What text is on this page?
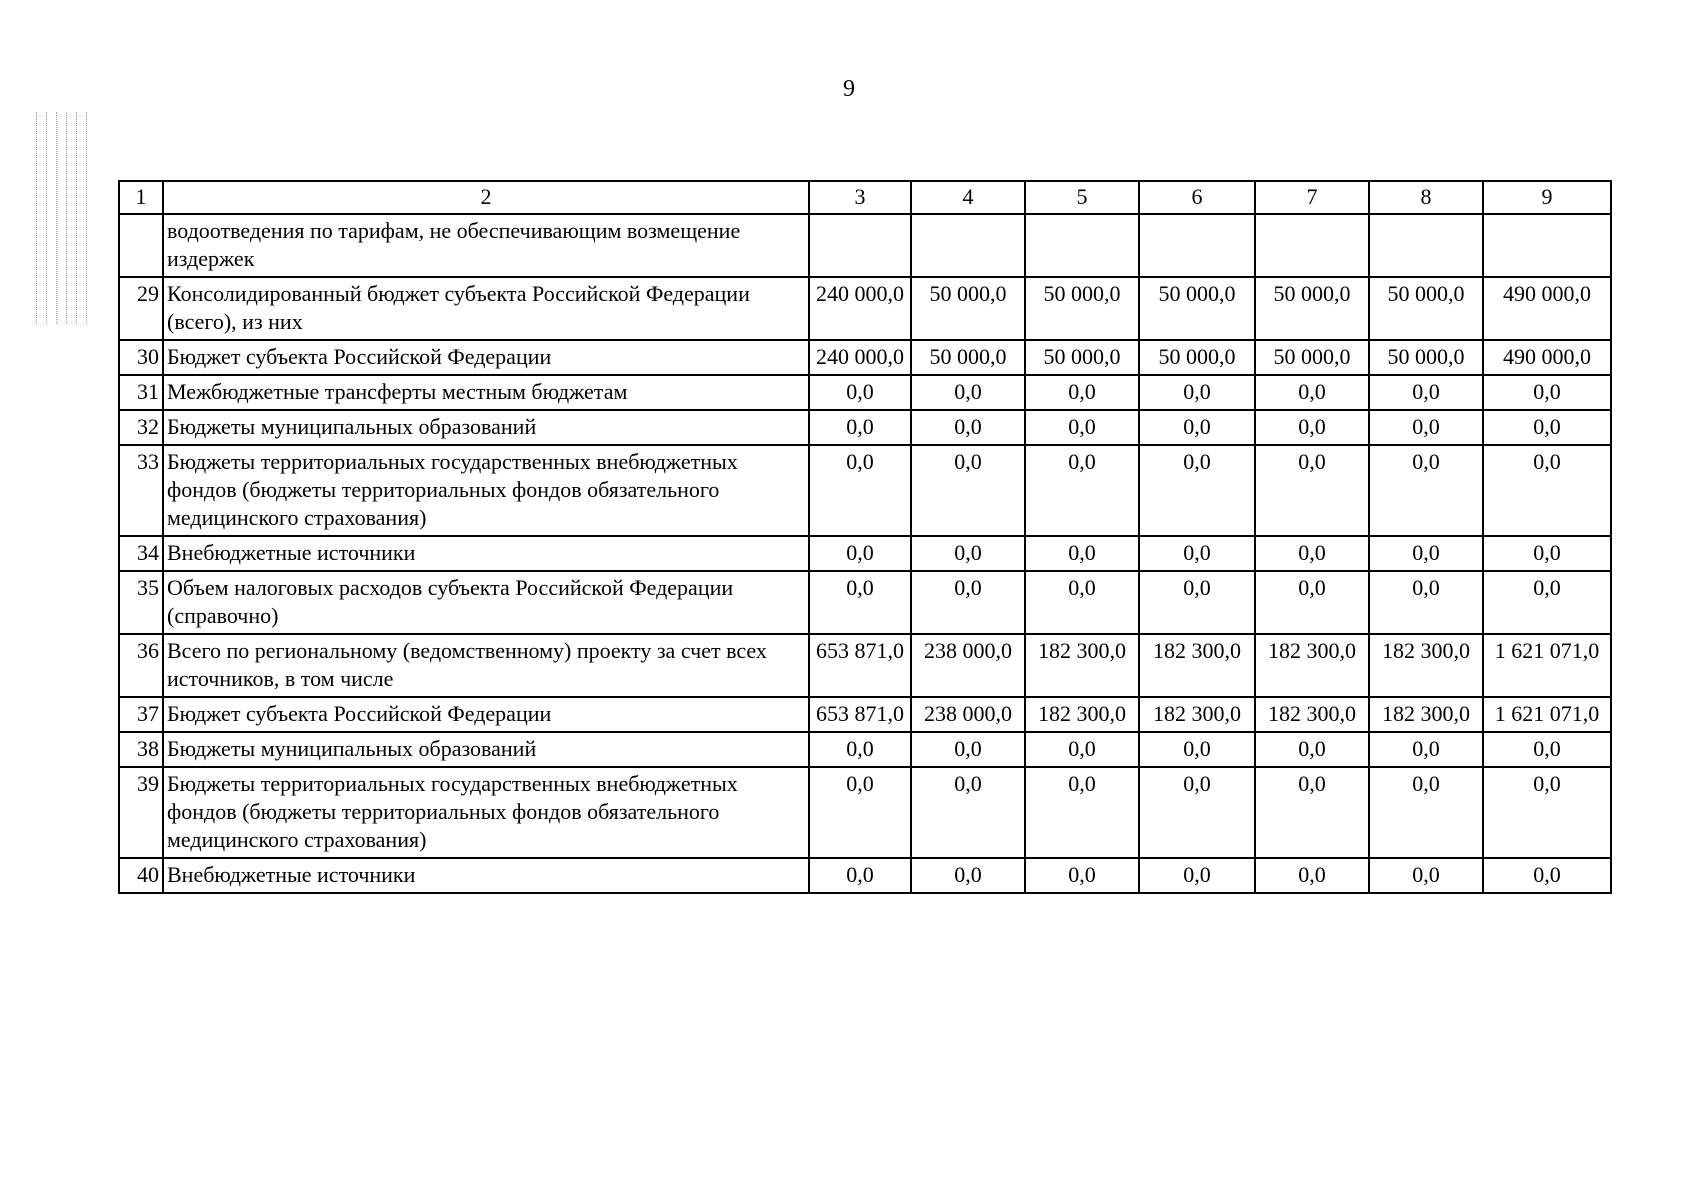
9
1	2	3	4	5	6	7	8	9
	водоотведения по тарифам, не обеспечивающим возмещение издержек							
29	Консолидированный бюджет субъекта Российской Федерации (всего), из них	240 000,0	50 000,0	50 000,0	50 000,0	50 000,0	50 000,0	490 000,0
30	Бюджет субъекта Российской Федерации	240 000,0	50 000,0	50 000,0	50 000,0	50 000,0	50 000,0	490 000,0
31	Межбюджетные трансферты местным бюджетам	0,0	0,0	0,0	0,0	0,0	0,0	0,0
32	Бюджеты муниципальных образований	0,0	0,0	0,0	0,0	0,0	0,0	0,0
33	Бюджеты территориальных государственных внебюджетных фондов (бюджеты территориальных фондов обязательного медицинского страхования)	0,0	0,0	0,0	0,0	0,0	0,0	0,0
34	Внебюджетные источники	0,0	0,0	0,0	0,0	0,0	0,0	0,0
35	Объем налоговых расходов субъекта Российской Федерации (справочно)	0,0	0,0	0,0	0,0	0,0	0,0	0,0
36	Всего по региональному (ведомственному) проекту за счет всех источников, в том числе	653 871,0	238 000,0	182 300,0	182 300,0	182 300,0	182 300,0	1 621 071,0
37	Бюджет субъекта Российской Федерации	653 871,0	238 000,0	182 300,0	182 300,0	182 300,0	182 300,0	1 621 071,0
38	Бюджеты муниципальных образований	0,0	0,0	0,0	0,0	0,0	0,0	0,0
39	Бюджеты территориальных государственных внебюджетных фондов (бюджеты территориальных фондов обязательного медицинского страхования)	0,0	0,0	0,0	0,0	0,0	0,0	0,0
40	Внебюджетные источники	0,0	0,0	0,0	0,0	0,0	0,0	0,0
